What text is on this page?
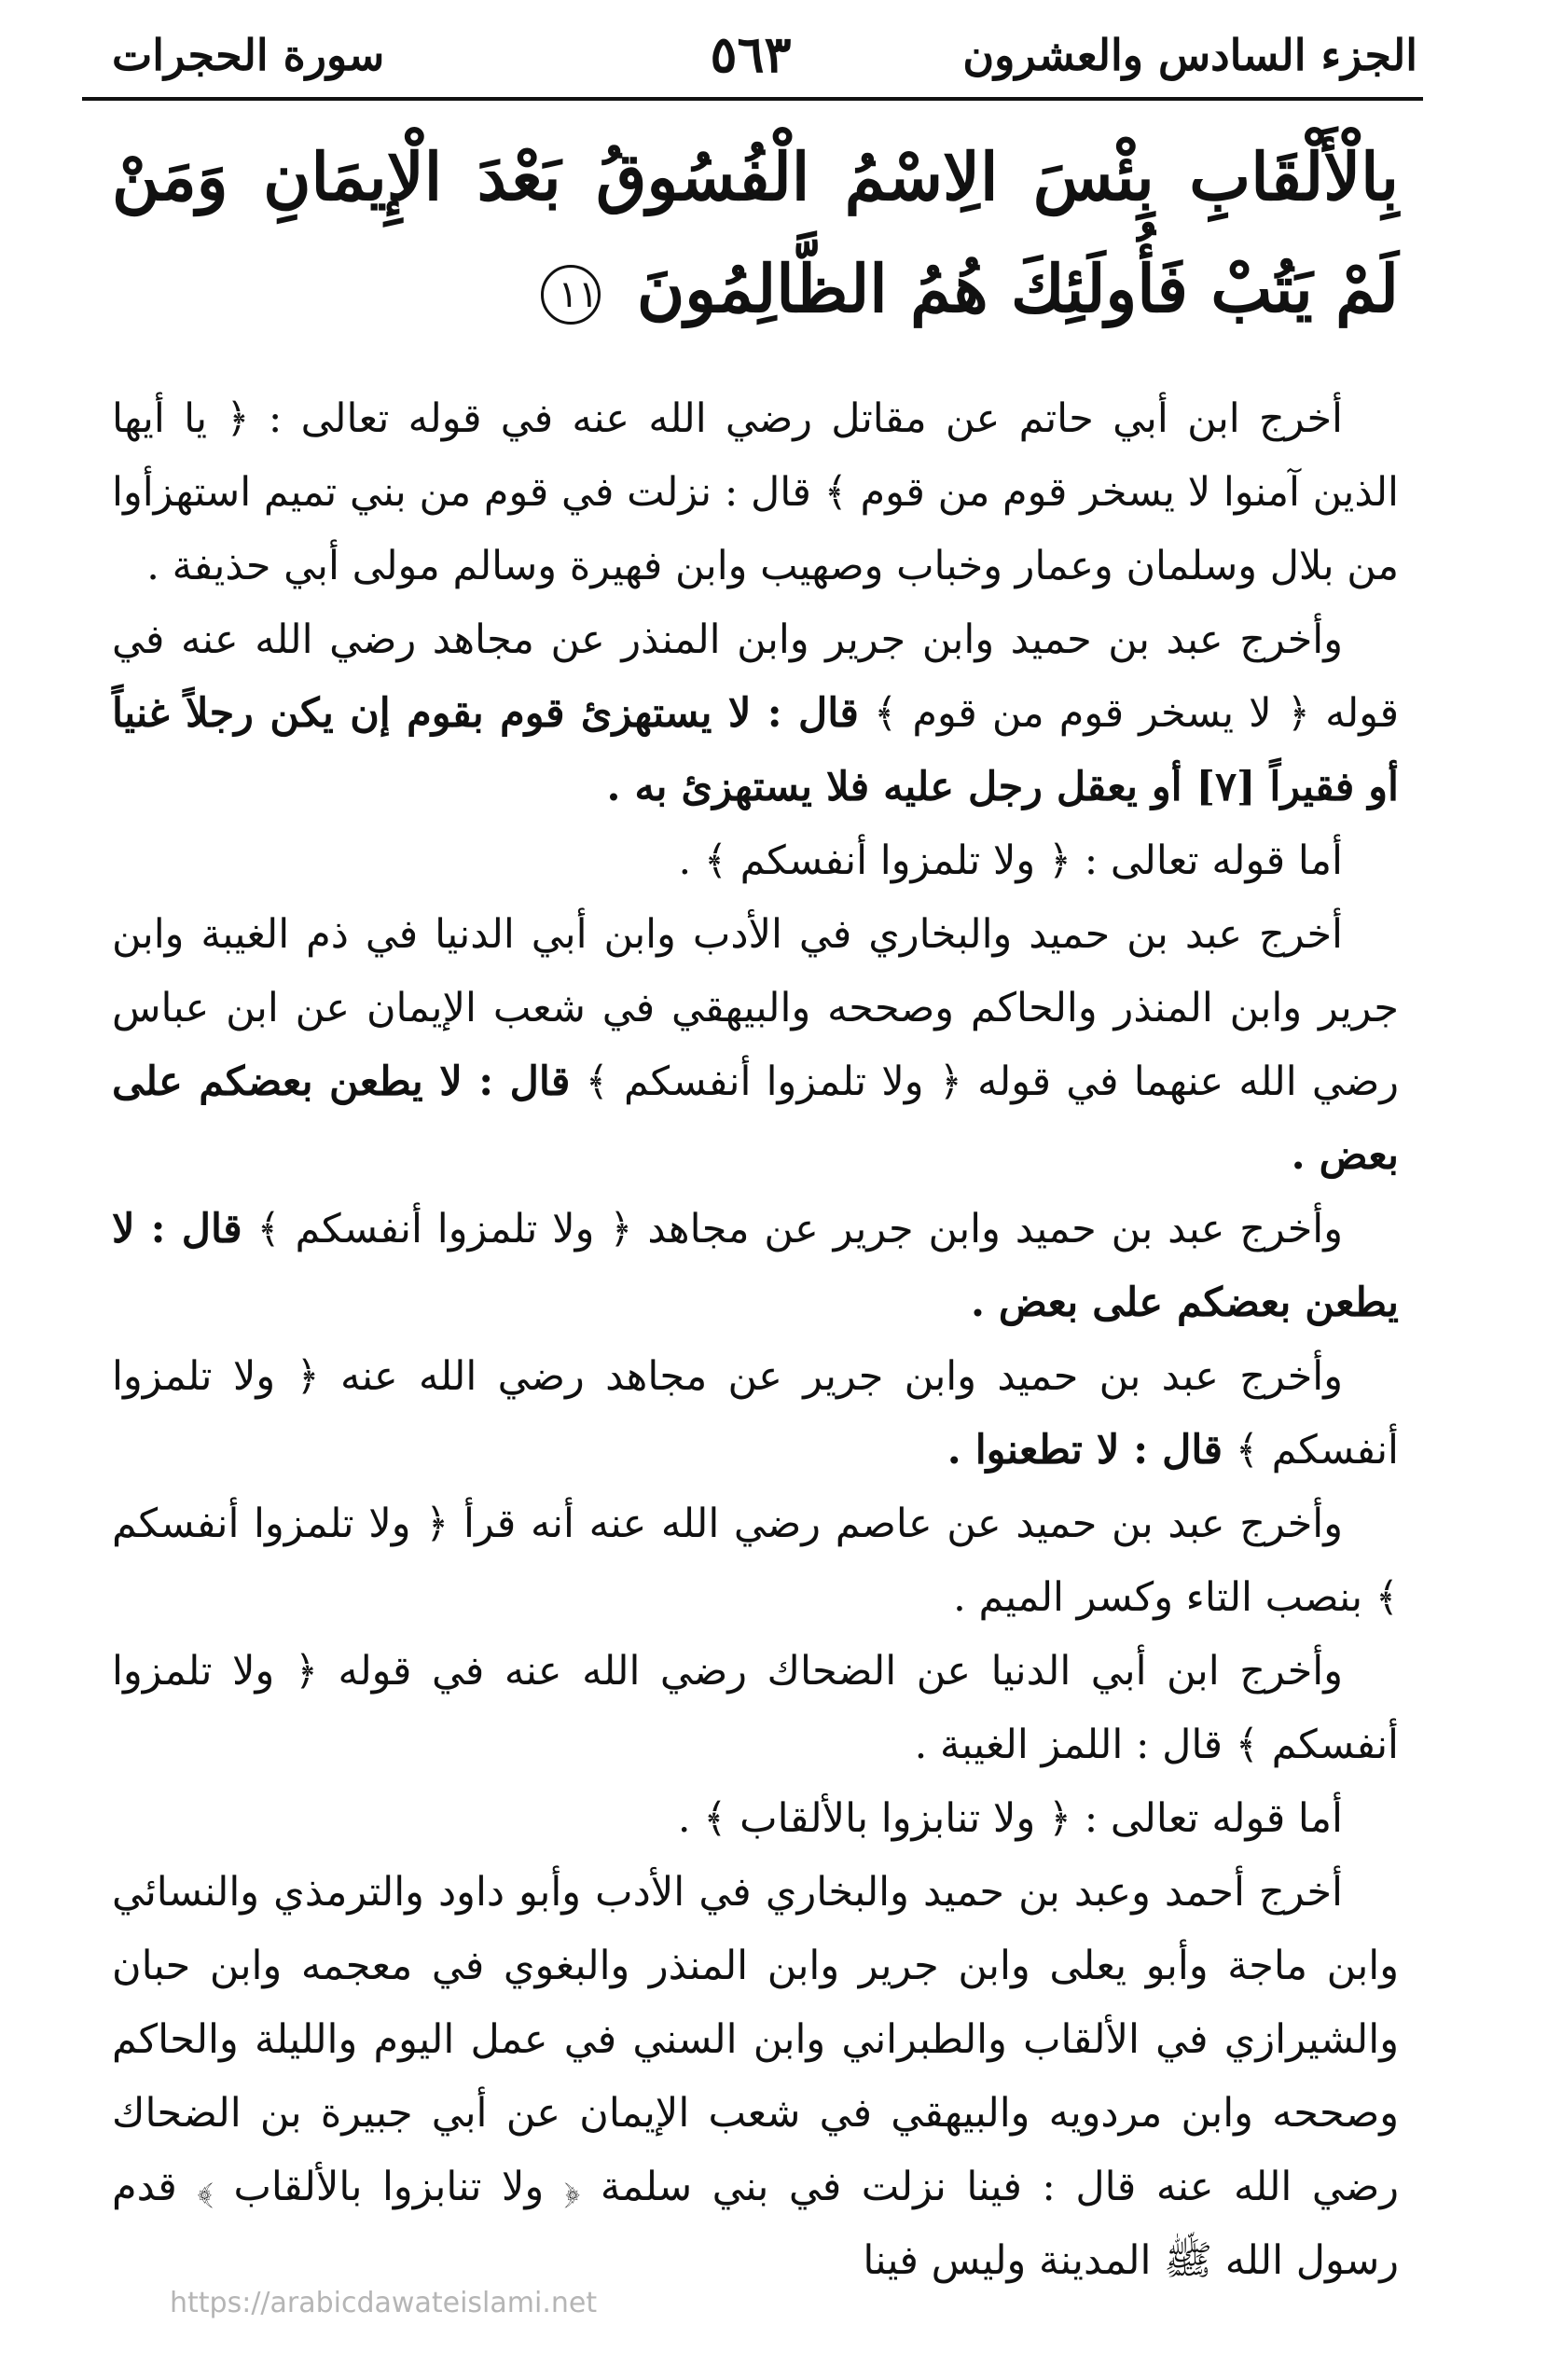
الجزء السادس والعشرون
٥٦٣
سورة الحجرات
بِالْأَلْقَابِ بِئْسَ الِاسْمُ الْفُسُوقُ بَعْدَ الْإِيمَانِ وَمَنْ لَمْ يَتُبْ فَأُولَئِكَ هُمُ الظَّالِمُونَ ١١

أخرج ابن أبي حاتم عن مقاتل رضي الله عنه في قوله تعالى : ﴿ يا أيها الذين آمنوا لا يسخر قوم من قوم ﴾ قال : نزلت في قوم من بني تميم استهزأوا من بلال وسلمان وعمار وخباب وصهيب وابن فهيرة وسالم مولى أبي حذيفة .

وأخرج عبد بن حميد وابن جرير وابن المنذر عن مجاهد رضي الله عنه في قوله ﴿ لا يسخر قوم من قوم ﴾ قال : لا يستهزئ قوم بقوم إن يكن رجلاً غنياً أو فقيراً [٧] أو يعقل رجل عليه فلا يستهزئ به .

أما قوله تعالى : ﴿ ولا تلمزوا أنفسكم ﴾ .

أخرج عبد بن حميد والبخاري في الأدب وابن أبي الدنيا في ذم الغيبة وابن جرير وابن المنذر والحاكم وصححه والبيهقي في شعب الإيمان عن ابن عباس رضي الله عنهما في قوله ﴿ ولا تلمزوا أنفسكم ﴾ قال : لا يطعن بعضكم على بعض .

وأخرج عبد بن حميد وابن جرير عن مجاهد ﴿ ولا تلمزوا أنفسكم ﴾ قال : لا يطعن بعضكم على بعض .

وأخرج عبد بن حميد وابن جرير عن مجاهد رضي الله عنه ﴿ ولا تلمزوا أنفسكم ﴾ قال : لا تطعنوا .

وأخرج عبد بن حميد عن عاصم رضي الله عنه أنه قرأ ﴿ ولا تلمزوا أنفسكم ﴾ بنصب التاء وكسر الميم .

وأخرج ابن أبي الدنيا عن الضحاك رضي الله عنه في قوله ﴿ ولا تلمزوا أنفسكم ﴾ قال : اللمز الغيبة .

أما قوله تعالى : ﴿ ولا تنابزوا بالألقاب ﴾ .

أخرج أحمد وعبد بن حميد والبخاري في الأدب وأبو داود والترمذي والنسائي وابن ماجة وأبو يعلى وابن جرير وابن المنذر والبغوي في معجمه وابن حبان والشيرازي في الألقاب والطبراني وابن السني في عمل اليوم والليلة والحاكم وصححه وابن مردويه والبيهقي في شعب الإيمان عن أبي جبيرة بن الضحاك رضي الله عنه قال : فينا نزلت في بني سلمة ﴿ ولا تنابزوا بالألقاب ﴾ قدم رسول الله ﷺ المدينة وليس فينا

https://arabicdawateislami.net
